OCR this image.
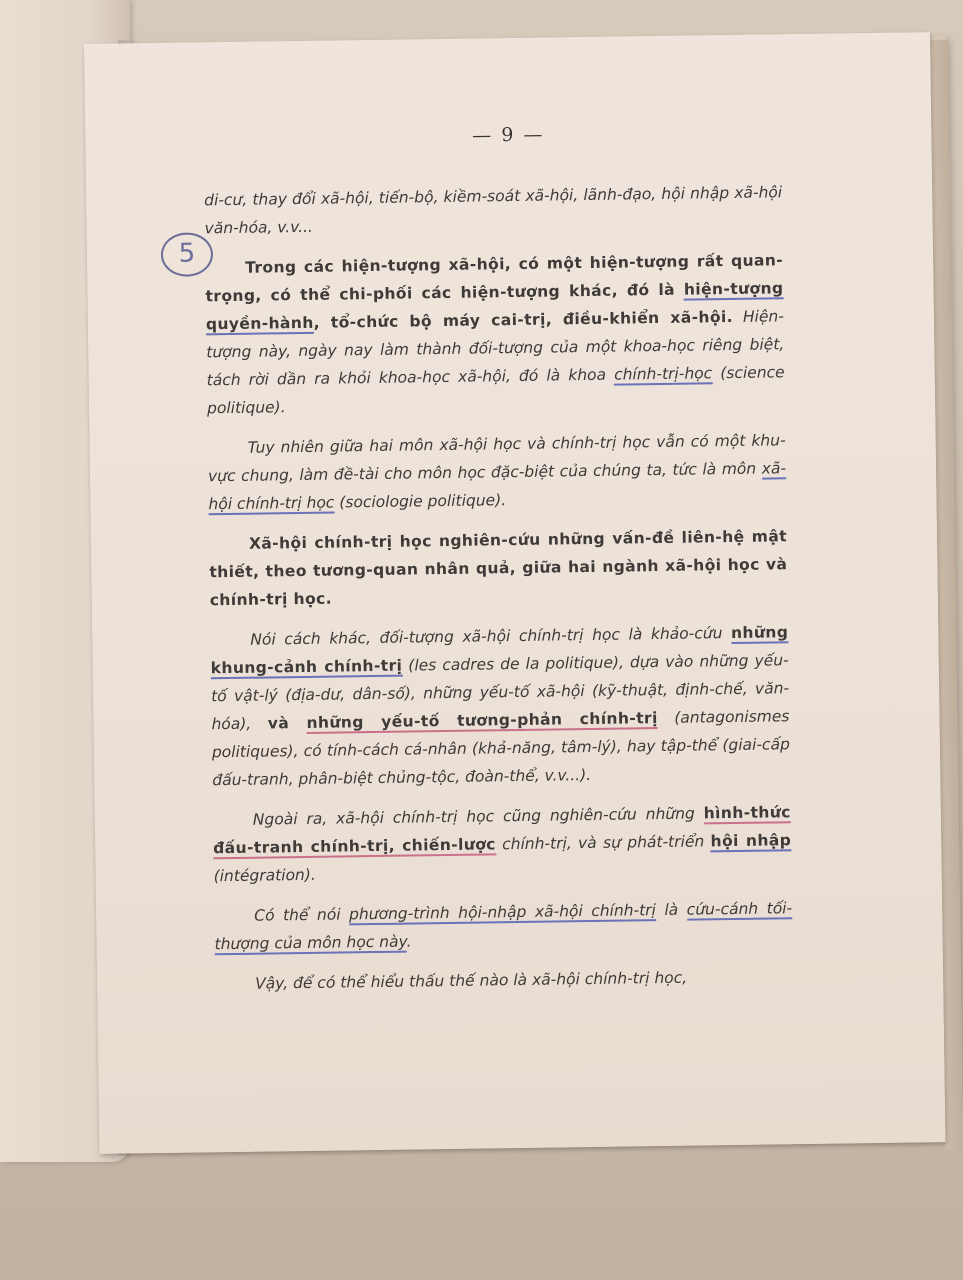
— 9 —
5

di-cư, thay đổi xã-hội, tiến-bộ, kiềm-soát xã-hội, lãnh-đạo, hội nhập xã-hội văn-hóa, v.v...

Trong các hiện-tượng xã-hội, có một hiện-tượng rất quan-trọng, có thể chi-phối các hiện-tượng khác, đó là hiện-tượng quyền-hành, tổ-chức bộ máy cai-trị, điều-khiển xã-hội. Hiện-tượng này, ngày nay làm thành đối-tượng của một khoa-học riêng biệt, tách rời dần ra khỏi khoa-học xã-hội, đó là khoa chính-trị-học (science politique).

Tuy nhiên giữa hai môn xã-hội học và chính-trị học vẫn có một khu-vực chung, làm đề-tài cho môn học đặc-biệt của chúng ta, tức là môn xã-hội chính-trị học (sociologie politique).

Xã-hội chính-trị học nghiên-cứu những vấn-đề liên-hệ mật thiết, theo tương-quan nhân quả, giữa hai ngành xã-hội học và chính-trị học.

Nói cách khác, đối-tượng xã-hội chính-trị học là khảo-cứu những khung-cảnh chính-trị (les cadres de la politique), dựa vào những yếu-tố vật-lý (địa-dư, dân-số), những yếu-tố xã-hội (kỹ-thuật, định-chế, văn-hóa), và những yếu-tố tương-phản chính-trị (antagonismes politiques), có tính-cách cá-nhân (khả-năng, tâm-lý), hay tập-thể (giai-cấp đấu-tranh, phân-biệt chủng-tộc, đoàn-thể, v.v...).

Ngoài ra, xã-hội chính-trị học cũng nghiên-cứu những hình-thức đấu-tranh chính-trị, chiến-lược chính-trị, và sự phát-triển hội nhập (intégration).

Có thể nói phương-trình hội-nhập xã-hội chính-trị là cứu-cánh tối-thượng của môn học này.

Vậy, để có thể hiểu thấu thế nào là xã-hội chính-trị học,
